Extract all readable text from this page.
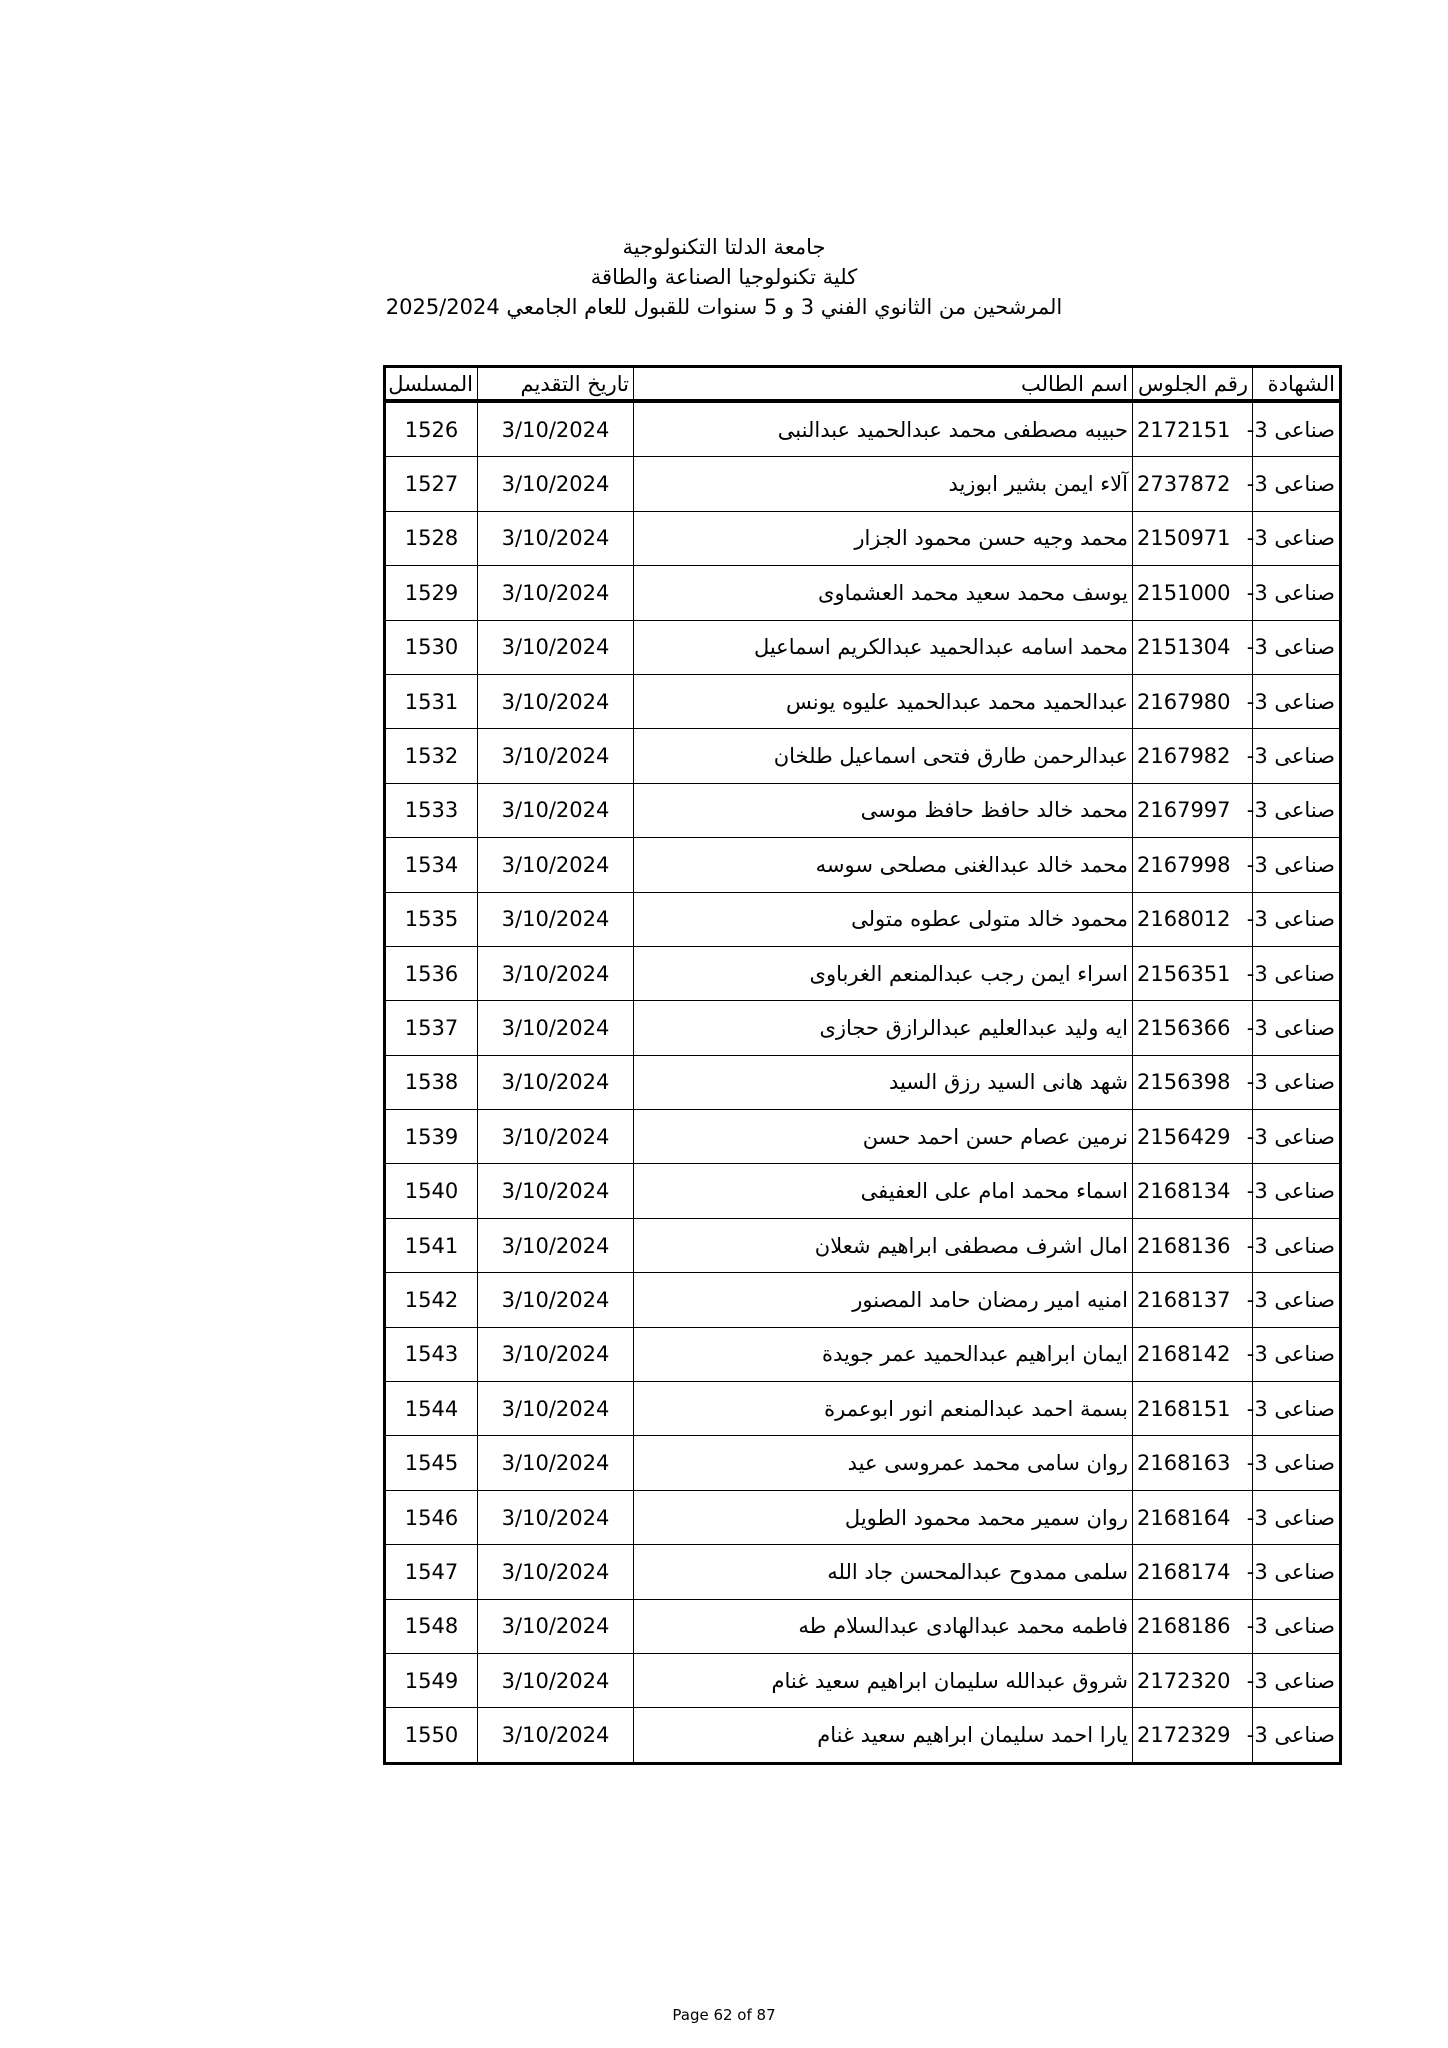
جامعة الدلتا التكنولوجية
كلية تكنولوجيا الصناعة والطاقة
المرشحين من الثانوي الفني 3 و 5 سنوات للقبول للعام الجامعي 2025/2024
المسلسل	تاريخ التقديم	اسم الطالب	رقم الجلوس	الشهادة
1526	3/10/2024	حبيبه مصطفى محمد عبدالحميد عبدالنبى	2172151	صناعى 3-
1527	3/10/2024	آلاء ايمن بشير ابوزيد	2737872	صناعى 3-
1528	3/10/2024	محمد وجيه حسن محمود الجزار	2150971	صناعى 3-
1529	3/10/2024	يوسف محمد سعيد محمد العشماوى	2151000	صناعى 3-
1530	3/10/2024	محمد اسامه عبدالحميد عبدالكريم اسماعيل	2151304	صناعى 3-
1531	3/10/2024	عبدالحميد محمد عبدالحميد عليوه يونس	2167980	صناعى 3-
1532	3/10/2024	عبدالرحمن طارق فتحى اسماعيل طلخان	2167982	صناعى 3-
1533	3/10/2024	محمد خالد حافظ حافظ موسى	2167997	صناعى 3-
1534	3/10/2024	محمد خالد عبدالغنى مصلحى سوسه	2167998	صناعى 3-
1535	3/10/2024	محمود خالد متولى عطوه متولى	2168012	صناعى 3-
1536	3/10/2024	اسراء ايمن رجب عبدالمنعم الغرباوى	2156351	صناعى 3-
1537	3/10/2024	ايه وليد عبدالعليم عبدالرازق حجازى	2156366	صناعى 3-
1538	3/10/2024	شهد هانى السيد رزق السيد	2156398	صناعى 3-
1539	3/10/2024	نرمين عصام حسن احمد حسن	2156429	صناعى 3-
1540	3/10/2024	اسماء محمد امام على العفيفى	2168134	صناعى 3-
1541	3/10/2024	امال اشرف مصطفى ابراهيم شعلان	2168136	صناعى 3-
1542	3/10/2024	امنيه امير رمضان حامد المصنور	2168137	صناعى 3-
1543	3/10/2024	ايمان ابراهيم عبدالحميد عمر جويدة	2168142	صناعى 3-
1544	3/10/2024	بسمة احمد عبدالمنعم انور ابوعمرة	2168151	صناعى 3-
1545	3/10/2024	روان سامى محمد عمروسى عيد	2168163	صناعى 3-
1546	3/10/2024	روان سمير محمد محمود الطويل	2168164	صناعى 3-
1547	3/10/2024	سلمى ممدوح عبدالمحسن جاد الله	2168174	صناعى 3-
1548	3/10/2024	فاطمه محمد عبدالهادى عبدالسلام طه	2168186	صناعى 3-
1549	3/10/2024	شروق عبدالله سليمان ابراهيم سعيد غنام	2172320	صناعى 3-
1550	3/10/2024	يارا احمد سليمان ابراهيم سعيد غنام	2172329	صناعى 3-
Page 62 of 87
